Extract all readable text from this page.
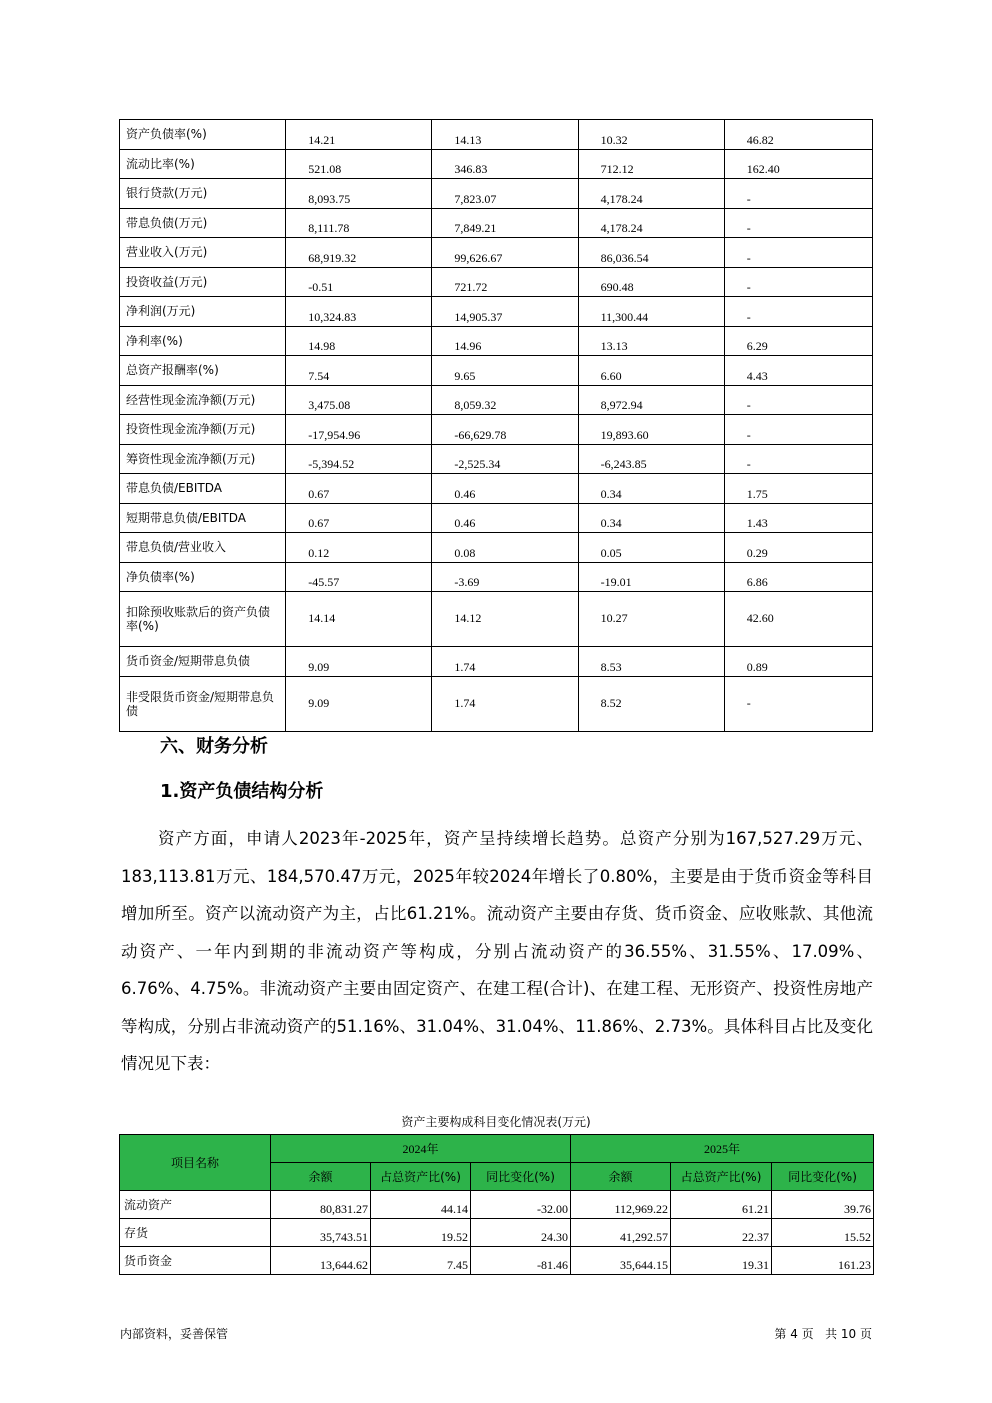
资产负债率(%)	14.21	14.13	10.32	46.82
流动比率(%)	521.08	346.83	712.12	162.40
银行贷款(万元)	8,093.75	7,823.07	4,178.24	-
带息负债(万元)	8,111.78	7,849.21	4,178.24	-
营业收入(万元)	68,919.32	99,626.67	86,036.54	-
投资收益(万元)	-0.51	721.72	690.48	-
净利润(万元)	10,324.83	14,905.37	11,300.44	-
净利率(%)	14.98	14.96	13.13	6.29
总资产报酬率(%)	7.54	9.65	6.60	4.43
经营性现金流净额(万元)	3,475.08	8,059.32	8,972.94	-
投资性现金流净额(万元)	-17,954.96	-66,629.78	19,893.60	-
筹资性现金流净额(万元)	-5,394.52	-2,525.34	-6,243.85	-
带息负债/EBITDA	0.67	0.46	0.34	1.75
短期带息负债/EBITDA	0.67	0.46	0.34	1.43
带息负债/营业收入	0.12	0.08	0.05	0.29
净负债率(%)	-45.57	-3.69	-19.01	6.86
扣除预收账款后的资产负债率(%)	14.14	14.12	10.27	42.60
货币资金/短期带息负债	9.09	1.74	8.53	0.89
非受限货币资金/短期带息负债	9.09	1.74	8.52	-
六、财务分析
1.资产负债结构分析

资产方面，申请人2023年-2025年，资产呈持续增长趋势。总资产分别为167,527.29万元、183,113.81万元、184,570.47万元，2025年较2024年增长了0.80%，主要是由于货币资金等科目增加所至。资产以流动资产为主，占比61.21%。流动资产主要由存货、货币资金、应收账款、其他流动资产、一年内到期的非流动资产等构成，分别占流动资产的36.55%、31.55%、17.09%、6.76%、4.75%。非流动资产主要由固定资产、在建工程(合计)、在建工程、无形资产、投资性房地产等构成，分别占非流动资产的51.16%、31.04%、31.04%、11.86%、2.73%。具体科目占比及变化情况见下表：

资产主要构成科目变化情况表(万元)
项目名称	2024年			2025年		
	余额	占总资产比(%)	同比变化(%)	余额	占总资产比(%)	同比变化(%)
流动资产	80,831.27	44.14	-32.00	112,969.22	61.21	39.76
存货	35,743.51	19.52	24.30	41,292.57	22.37	15.52
货币资金	13,644.62	7.45	-81.46	35,644.15	19.31	161.23
内部资料，妥善保管	第 4 页   共 10 页
